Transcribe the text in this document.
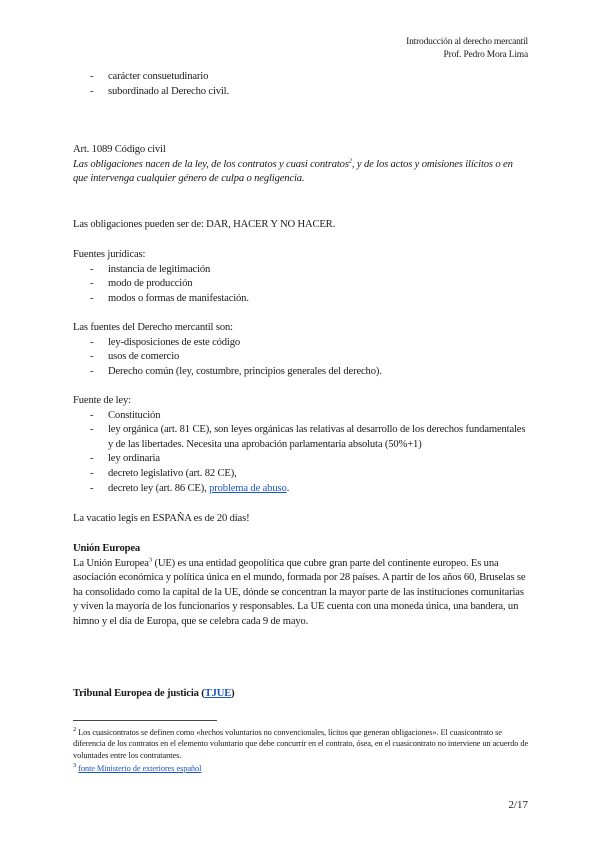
Introducción al derecho mercantil
Prof. Pedro Mora Lima
- carácter consuetudinario
- subordinado al Derecho civil.
Art. 1089 Código civil
Las obligaciones nacen de la ley, de los contratos y cuasi contratos$^2$, y de los actos y omisiones ilícitos o en que intervenga cualquier género de culpa o negligencia.
Las obligaciones pueden ser de: DAR, HACER Y NO HACER.
Fuentes jurídicas:
- instancia de legitimación
- modo de producción
- modos o formas de manifestación.
Las fuentes del Derecho mercantil son:
- ley-disposiciones de este código
- usos de comercio
- Derecho común (ley, costumbre, principios generales del derecho).
Fuente de ley:
- Constitución
- ley orgánica (art. 81 CE), son leyes orgánicas las relativas al desarrollo de los derechos fundamentales y de las libertades. Necesita una aprobación parlamentaria absoluta (50%+1)
- ley ordinaria
- decreto legislativo (art. 82 CE),
- decreto ley (art. 86 CE), problema de abuso.
La vacatio legis en ESPAÑA es de 20 días!
Unión Europea
La Unión Europea$^3$ (UE) es una entidad geopolítica que cubre gran parte del continente europeo. Es una asociación económica y política única en el mundo, formada por 28 países. A partir de los años 60, Bruselas se ha consolidado como la capital de la UE, dónde se concentran la mayor parte de las instituciones comunitarias y viven la mayoría de los funcionarios y responsables. La UE cuenta con una moneda única, una bandera, un himno y el día de Europa, que se celebra cada 9 de mayo.
Tribunal Europea de justicia (TJUE)
$^2$ Los cuasicontratos se definen como «hechos voluntarios no convencionales, lícitos que generan obligaciones». El cuasicontrato se diferencia de los contratos en el elemento voluntario que debe concurrir en el contrato, ósea, en el cuasicontrato no interviene un acuerdo de voluntades entre los contratantes.
$^3$ fonte Ministerio de exteriores español
2/17
